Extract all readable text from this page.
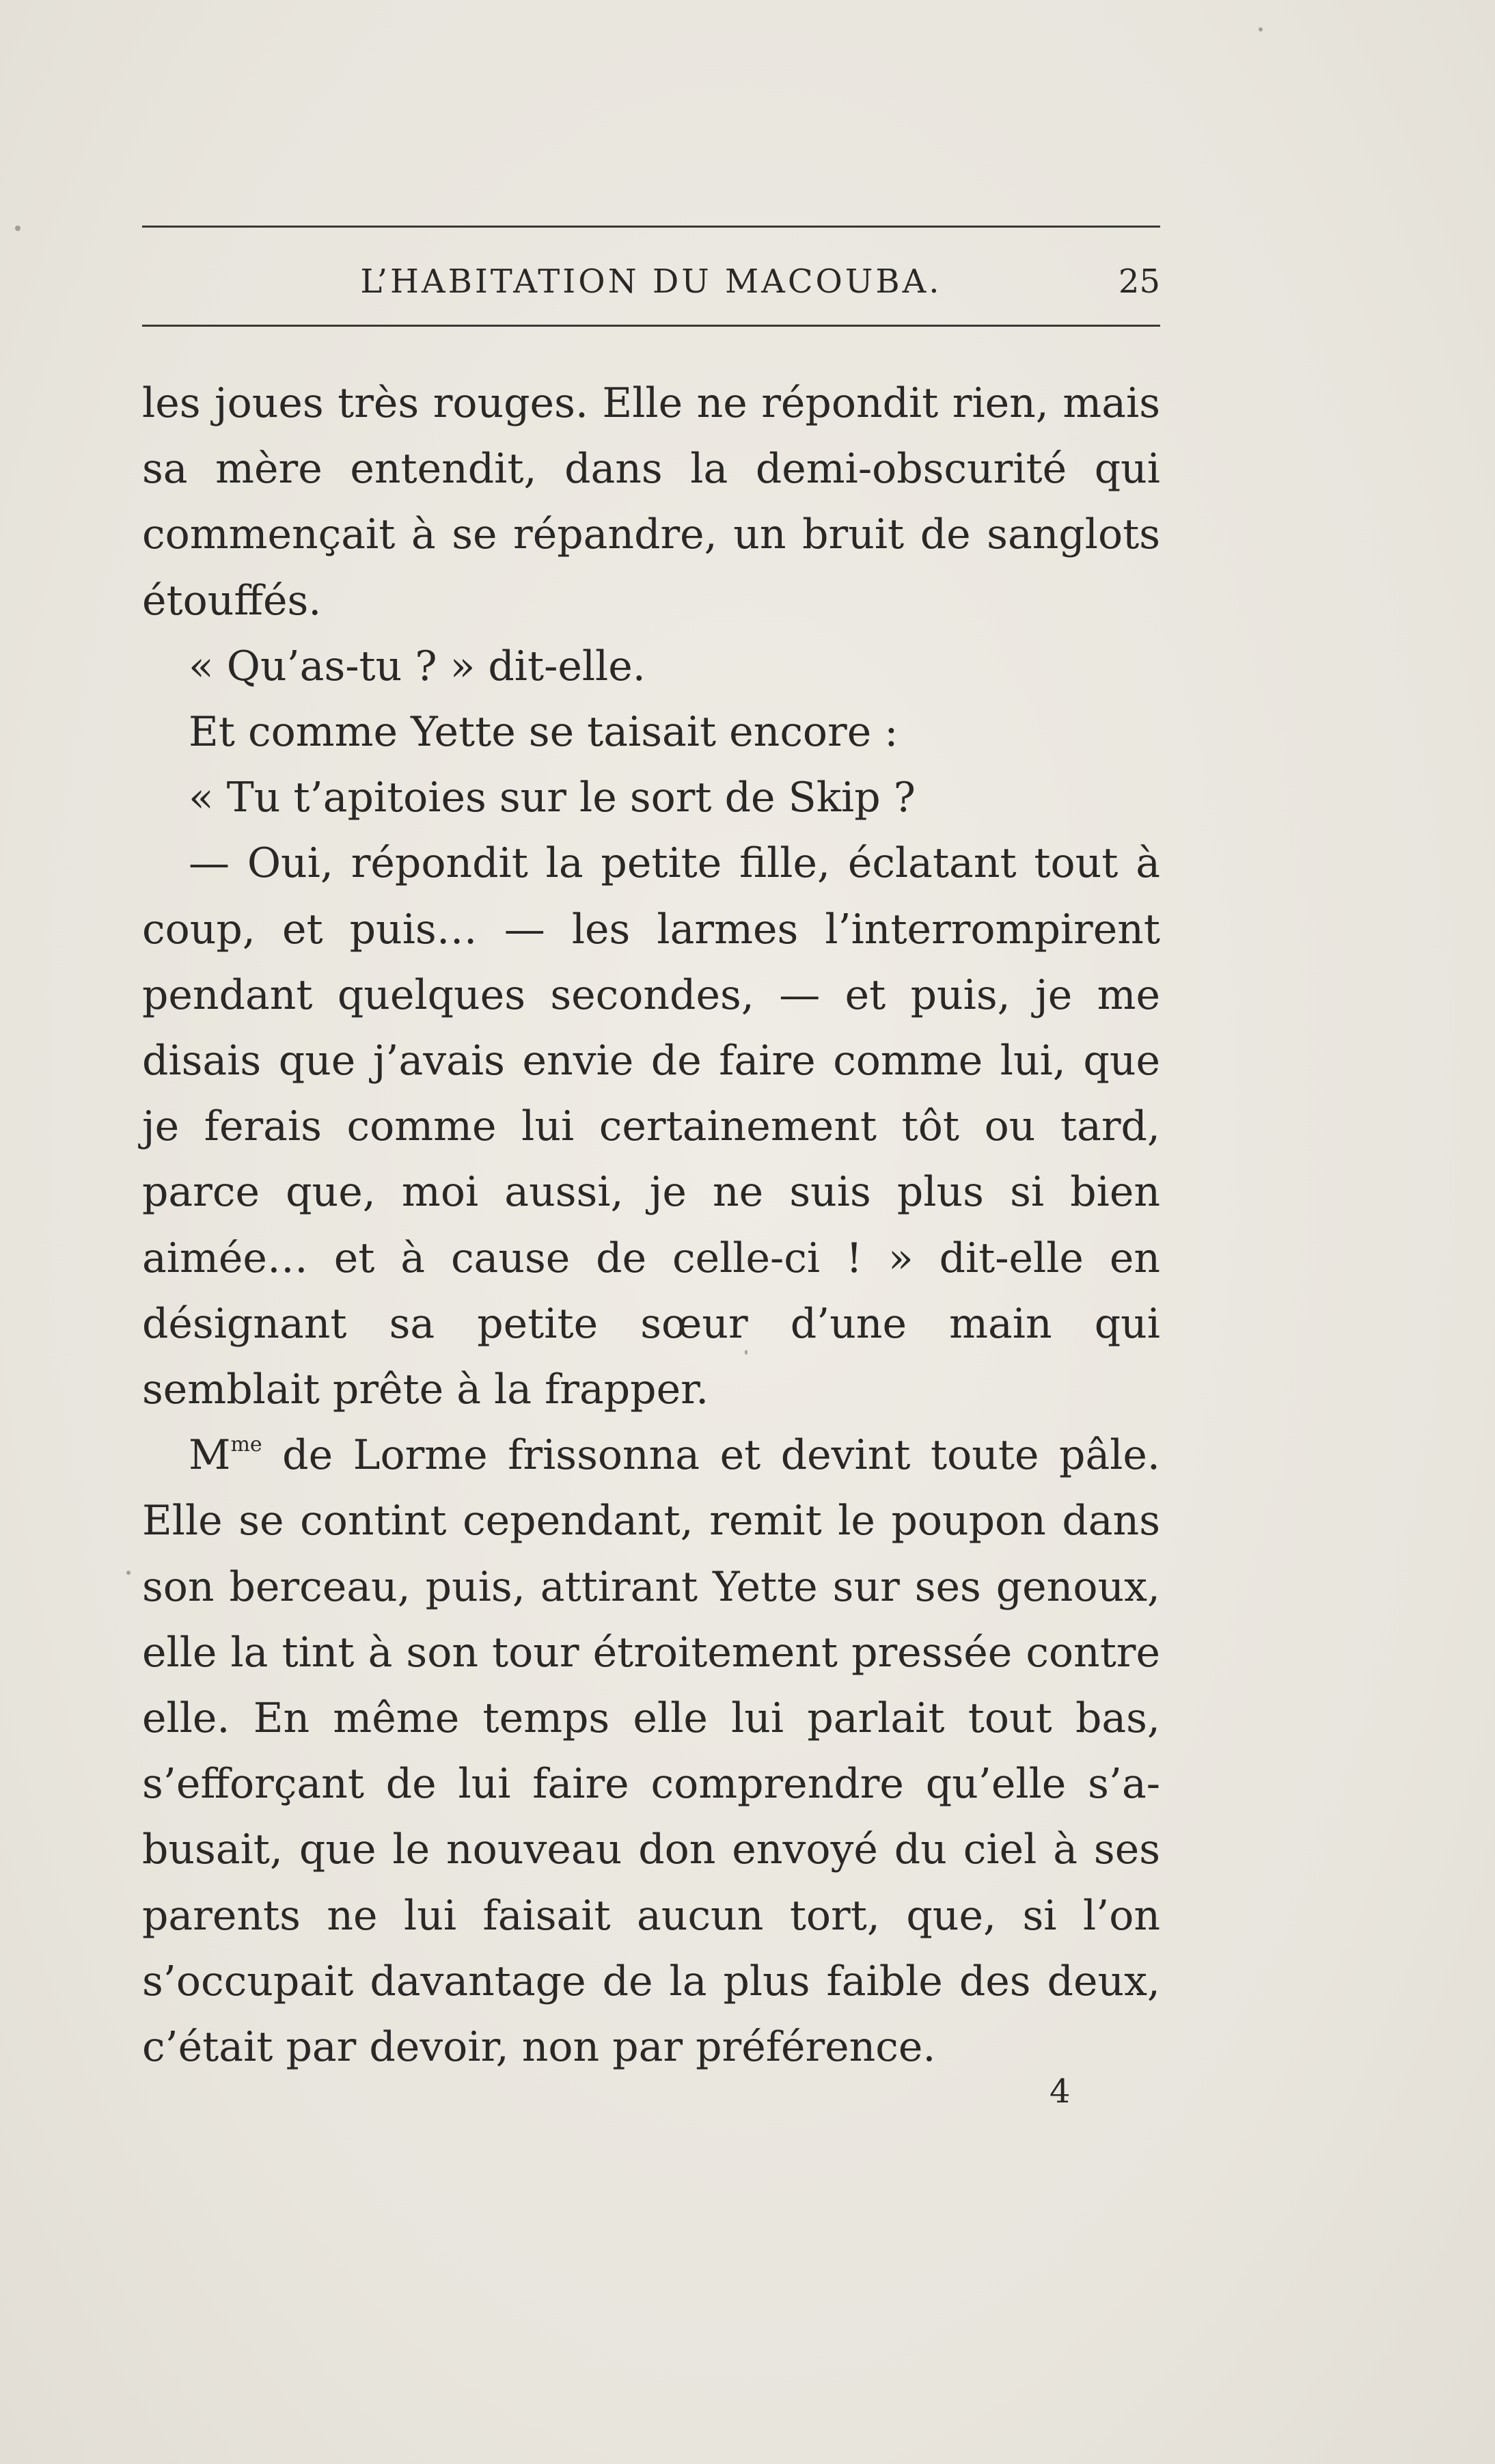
L’HABITATION DU MACOUBA.	25

les joues très rouges. Elle ne répondit rien, mais sa mère entendit, dans la demi-obscurité qui commençait à se répandre, un bruit de sanglots étouffés.

« Qu’as-tu ? » dit-elle.

Et comme Yette se taisait encore :

« Tu t’apitoies sur le sort de Skip ?

— Oui, répondit la petite fille, éclatant tout à coup, et puis… — les larmes l’interrompirent pendant quelques secondes, — et puis, je me disais que j’avais envie de faire comme lui, que je ferais comme lui certainement tôt ou tard, parce que, moi aussi, je ne suis plus si bien aimée… et à cause de celle-ci ! » dit-elle en désignant sa petite sœur d’une main qui semblait prête à la frapper.

$M^{me}$ de Lorme frissonna et devint toute pâle. Elle se contint cependant, remit le poupon dans son berceau, puis, attirant Yette sur ses genoux, elle la tint à son tour étroitement pressée contre elle. En même temps elle lui parlait tout bas, s’efforçant de lui faire comprendre qu’elle s’abusait, que le nouveau don envoyé du ciel à ses parents ne lui faisait aucun tort, que, si l’on s’occupait davantage de la plus faible des deux, c’était par devoir, non par préférence.

4
